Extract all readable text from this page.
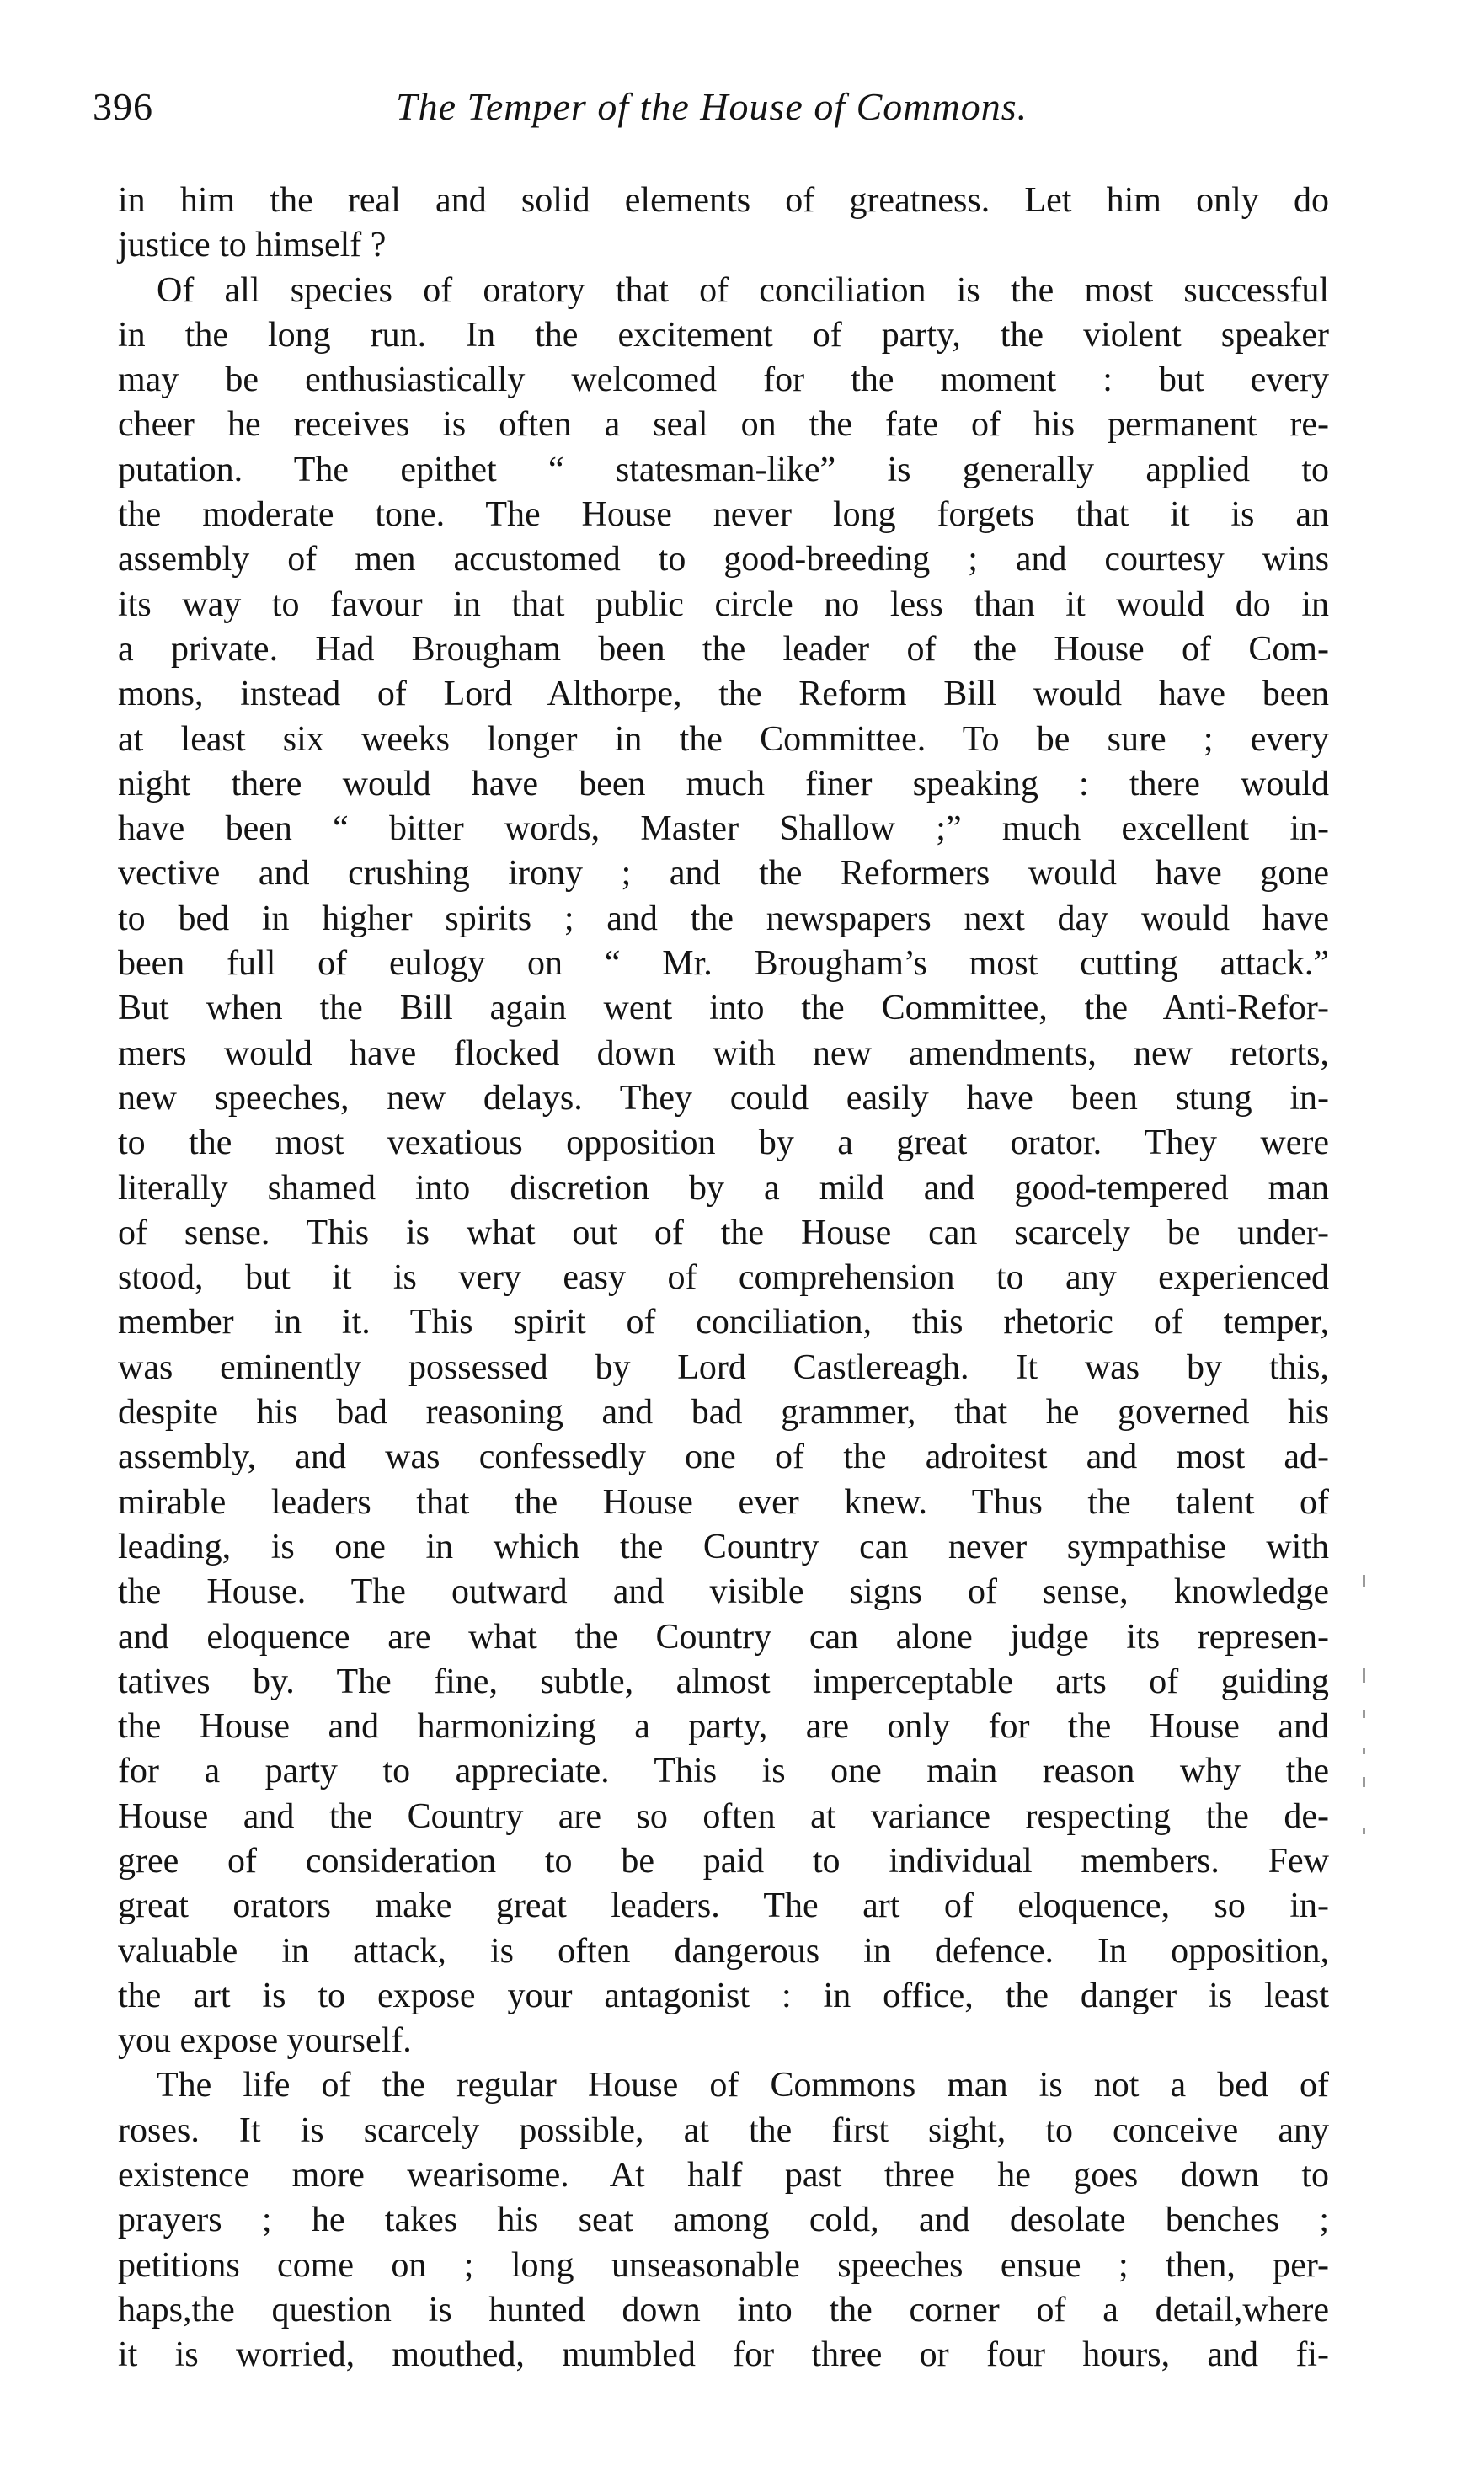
396	The Temper of the House of Commons.
in him the real and solid elements of greatness. Let him only do
justice to himself ?
Of all species of oratory that of conciliation is the most successful
in the long run. In the excitement of party, the violent speaker
may be enthusiastically welcomed for the moment : but every
cheer he receives is often a seal on the fate of his permanent re-
putation. The epithet “ statesman-like” is generally applied to
the moderate tone. The House never long forgets that it is an
assembly of men accustomed to good-breeding ; and courtesy wins
its way to favour in that public circle no less than it would do in
a private. Had Brougham been the leader of the House of Com-
mons, instead of Lord Althorpe, the Reform Bill would have been
at least six weeks longer in the Committee. To be sure ; every
night there would have been much finer speaking : there would
have been “ bitter words, Master Shallow ;” much excellent in-
vective and crushing irony ; and the Reformers would have gone
to bed in higher spirits ; and the newspapers next day would have
been full of eulogy on “ Mr. Brougham’s most cutting attack.”
But when the Bill again went into the Committee, the Anti-Refor-
mers would have flocked down with new amendments, new retorts,
new speeches, new delays. They could easily have been stung in-
to the most vexatious opposition by a great orator. They were
literally shamed into discretion by a mild and good-tempered man
of sense. This is what out of the House can scarcely be under-
stood, but it is very easy of comprehension to any experienced
member in it. This spirit of conciliation, this rhetoric of temper,
was eminently possessed by Lord Castlereagh. It was by this,
despite his bad reasoning and bad grammer, that he governed his
assembly, and was confessedly one of the adroitest and most ad-
mirable leaders that the House ever knew. Thus the talent of
leading, is one in which the Country can never sympathise with
the House. The outward and visible signs of sense, knowledge
and eloquence are what the Country can alone judge its represen-
tatives by. The fine, subtle, almost imperceptable arts of guiding
the House and harmonizing a party, are only for the House and
for a party to appreciate. This is one main reason why the
House and the Country are so often at variance respecting the de-
gree of consideration to be paid to individual members. Few
great orators make great leaders. The art of eloquence, so in-
valuable in attack, is often dangerous in defence. In opposition,
the art is to expose your antagonist : in office, the danger is least
you expose yourself.
The life of the regular House of Commons man is not a bed of
roses. It is scarcely possible, at the first sight, to conceive any
existence more wearisome. At half past three he goes down to
prayers ; he takes his seat among cold, and desolate benches ;
petitions come on ; long unseasonable speeches ensue ; then, per-
haps,the question is hunted down into the corner of a detail,where
it is worried, mouthed, mumbled for three or four hours, and fi-
